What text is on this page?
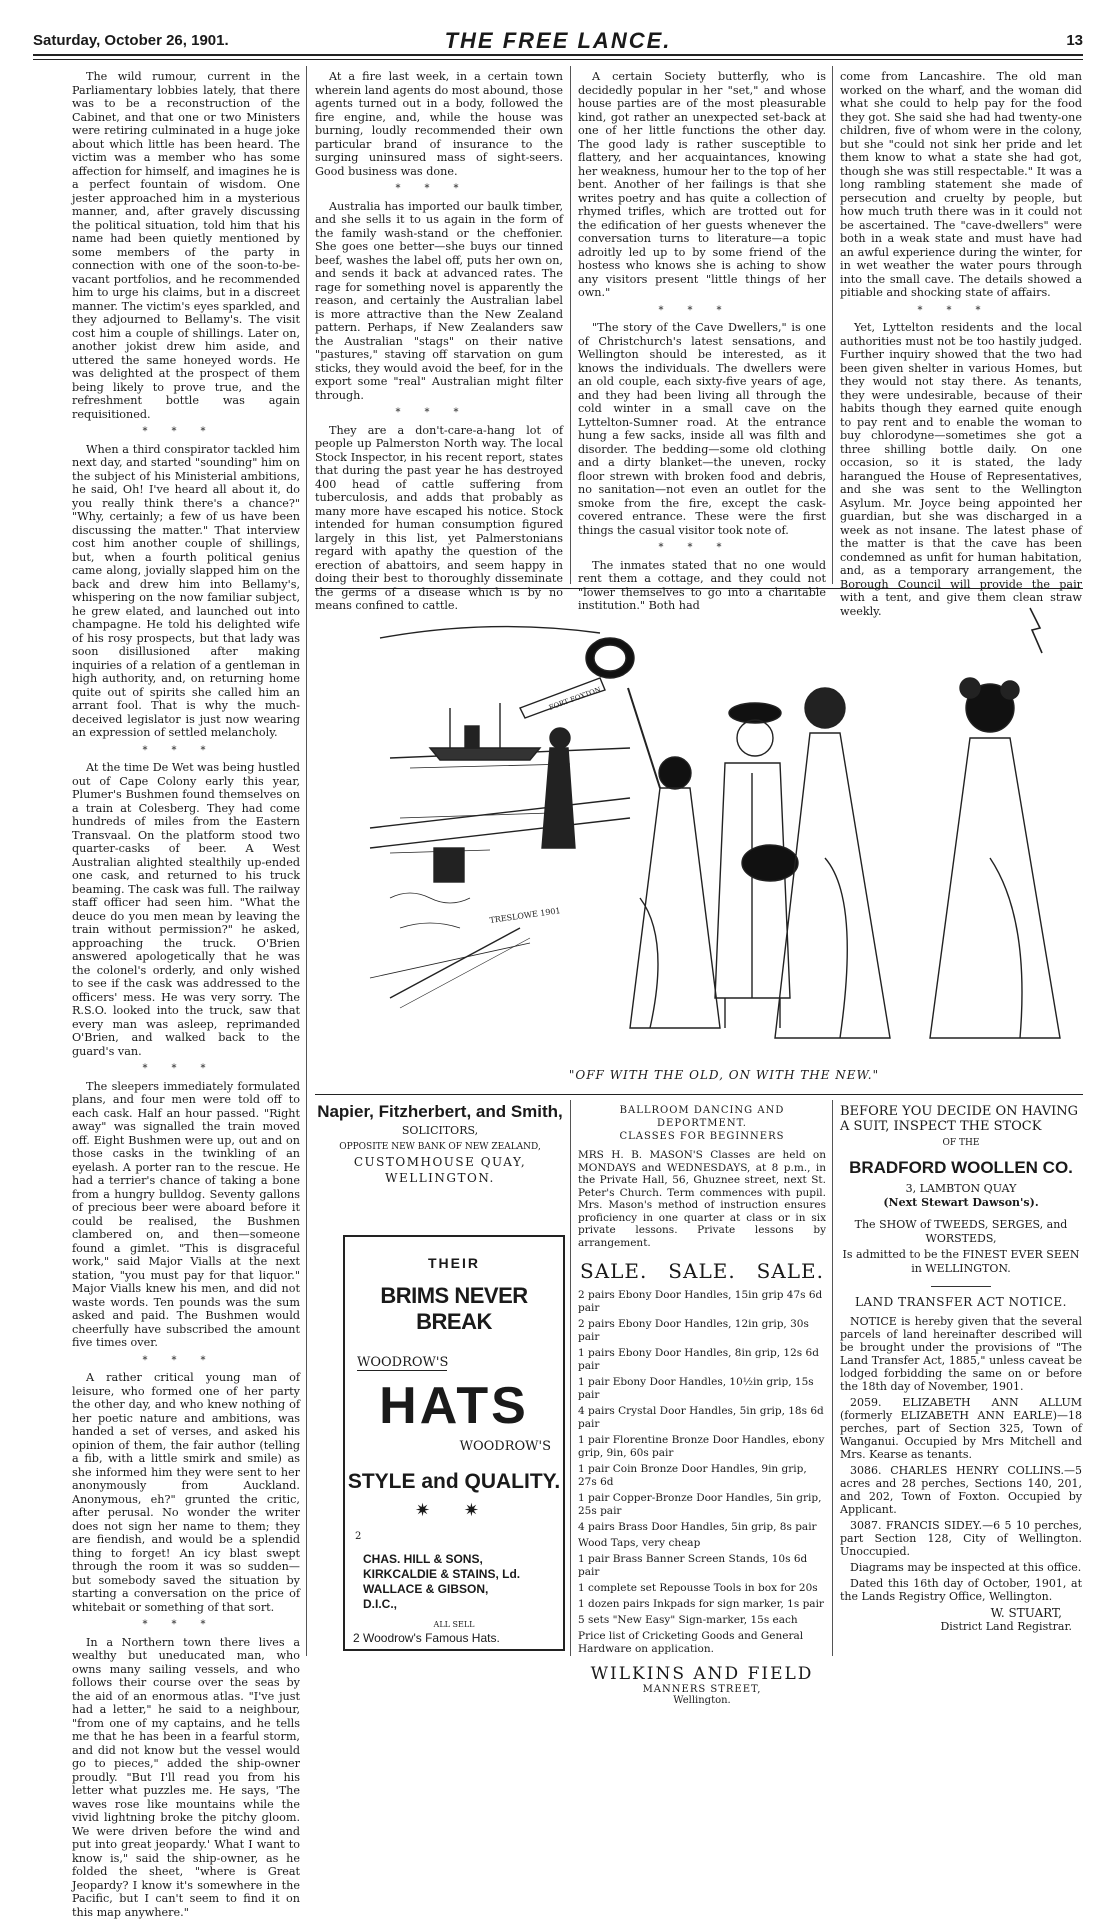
Saturday, October 26, 1901.	THE FREE LANCE.	13

The wild rumour, current in the Parliamentary lobbies lately, that there was to be a reconstruction of the Cabinet, and that one or two Ministers were retiring culminated in a huge joke about which little has been heard. The victim was a member who has some affection for himself, and imagines he is a perfect fountain of wisdom. One jester approached him in a mysterious manner, and, after gravely discussing the political situation, told him that his name had been quietly mentioned by some members of the party in connection with one of the soon-to-be-vacant portfolios, and he recommended him to urge his claims, but in a discreet manner. The victim's eyes sparkled, and they adjourned to Bellamy's. The visit cost him a couple of shillings. Later on, another jokist drew him aside, and uttered the same honeyed words. He was delighted at the prospect of them being likely to prove true, and the refreshment bottle was again requisitioned.

***

When a third conspirator tackled him next day, and started "sounding" him on the subject of his Ministerial ambitions, he said, Oh! I've heard all about it, do you really think there's a chance?" "Why, certainly; a few of us have been discussing the matter." That interview cost him another couple of shillings, but, when a fourth political genius came along, jovially slapped him on the back and drew him into Bellamy's, whispering on the now familiar subject, he grew elated, and launched out into champagne. He told his delighted wife of his rosy prospects, but that lady was soon disillusioned after making inquiries of a relation of a gentleman in high authority, and, on returning home quite out of spirits she called him an arrant fool. That is why the much-deceived legislator is just now wearing an expression of settled melancholy.

***

At the time De Wet was being hustled out of Cape Colony early this year, Plumer's Bushmen found themselves on a train at Colesberg. They had come hundreds of miles from the Eastern Transvaal. On the platform stood two quarter-casks of beer. A West Australian alighted stealthily up-ended one cask, and returned to his truck beaming. The cask was full. The railway staff officer had seen him. "What the deuce do you men mean by leaving the train without permission?" he asked, approaching the truck. O'Brien answered apologetically that he was the colonel's orderly, and only wished to see if the cask was addressed to the officers' mess. He was very sorry. The R.S.O. looked into the truck, saw that every man was asleep, reprimanded O'Brien, and walked back to the guard's van.

***

The sleepers immediately formulated plans, and four men were told off to each cask. Half an hour passed. "Right away" was signalled the train moved off. Eight Bushmen were up, out and on those casks in the twinkling of an eyelash. A porter ran to the rescue. He had a terrier's chance of taking a bone from a hungry bulldog. Seventy gallons of precious beer were aboard before it could be realised, the Bushmen clambered on, and then—someone found a gimlet. "This is disgraceful work," said Major Vialls at the next station, "you must pay for that liquor." Major Vialls knew his men, and did not waste words. Ten pounds was the sum asked and paid. The Bushmen would cheerfully have subscribed the amount five times over.

***

A rather critical young man of leisure, who formed one of her party the other day, and who knew nothing of her poetic nature and ambitions, was handed a set of verses, and asked his opinion of them, the fair author (telling a fib, with a little smirk and smile) as she informed him they were sent to her anonymously from Auckland. Anonymous, eh?" grunted the critic, after perusal. No wonder the writer does not sign her name to them; they are fiendish, and would be a splendid thing to forget! An icy blast swept through the room it was so sudden—but somebody saved the situation by starting a conversation on the price of whitebait or something of that sort.

***

In a Northern town there lives a wealthy but uneducated man, who owns many sailing vessels, and who follows their course over the seas by the aid of an enormous atlas. "I've just had a letter," he said to a neighbour, "from one of my captains, and he tells me that he has been in a fearful storm, and did not know but the vessel would go to pieces," added the ship-owner proudly. "But I'll read you from his letter what puzzles me. He says, 'The waves rose like mountains while the vivid lightning broke the pitchy gloom. We were driven before the wind and put into great jeopardy.' What I want to know is," said the ship-owner, as he folded the sheet, "where is Great Jeopardy? I know it's somewhere in the Pacific, but I can't seem to find it on this map anywhere."

At a fire last week, in a certain town wherein land agents do most abound, those agents turned out in a body, followed the fire engine, and, while the house was burning, loudly recommended their own particular brand of insurance to the surging uninsured mass of sight-seers. Good business was done.

***

Australia has imported our baulk timber, and she sells it to us again in the form of the family wash-stand or the cheffonier. She goes one better—she buys our tinned beef, washes the label off, puts her own on, and sends it back at advanced rates. The rage for something novel is apparently the reason, and certainly the Australian label is more attractive than the New Zealand pattern. Perhaps, if New Zealanders saw the Australian "stags" on their native "pastures," staving off starvation on gum sticks, they would avoid the beef, for in the export some "real" Australian might filter through.

***

They are a don't-care-a-hang lot of people up Palmerston North way. The local Stock Inspector, in his recent report, states that during the past year he has destroyed 400 head of cattle suffering from tuberculosis, and adds that probably as many more have escaped his notice. Stock intended for human consumption figured largely in this list, yet Palmerstonians regard with apathy the question of the erection of abattoirs, and seem happy in doing their best to thoroughly disseminate the germs of a disease which is by no means confined to cattle.

A certain Society butterfly, who is decidedly popular in her "set," and whose house parties are of the most pleasurable kind, got rather an unexpected set-back at one of her little functions the other day. The good lady is rather susceptible to flattery, and her acquaintances, knowing her weakness, humour her to the top of her bent. Another of her failings is that she writes poetry and has quite a collection of rhymed trifles, which are trotted out for the edification of her guests whenever the conversation turns to literature—a topic adroitly led up to by some friend of the hostess who knows she is aching to show any visitors present "little things of her own."

***

"The story of the Cave Dwellers," is one of Christchurch's latest sensations, and Wellington should be interested, as it knows the individuals. The dwellers were an old couple, each sixty-five years of age, and they had been living all through the cold winter in a small cave on the Lyttelton-Sumner road. At the entrance hung a few sacks, inside all was filth and disorder. The bedding—some old clothing and a dirty blanket—the uneven, rocky floor strewn with broken food and debris, no sanitation—not even an outlet for the smoke from the fire, except the cask-covered entrance. These were the first things the casual visitor took note of.

***

The inmates stated that no one would rent them a cottage, and they could not "lower themselves to go into a charitable institution." Both had

come from Lancashire. The old man worked on the wharf, and the woman did what she could to help pay for the food they got. She said she had had twenty-one children, five of whom were in the colony, but she "could not sink her pride and let them know to what a state she had got, though she was still respectable." It was a long rambling statement she made of persecution and cruelty by people, but how much truth there was in it could not be ascertained. The "cave-dwellers" were both in a weak state and must have had an awful experience during the winter, for in wet weather the water pours through into the small cave. The details showed a pitiable and shocking state of affairs.

***

Yet, Lyttelton residents and the local authorities must not be too hastily judged. Further inquiry showed that the two had been given shelter in various Homes, but they would not stay there. As tenants, they were undesirable, because of their habits though they earned quite enough to pay rent and to enable the woman to buy chlorodyne—sometimes she got a three shilling bottle daily. On one occasion, so it is stated, the lady harangued the House of Representatives, and she was sent to the Wellington Asylum. Mr. Joyce being appointed her guardian, but she was discharged in a week as not insane. The latest phase of the matter is that the cave has been condemned as unfit for human habitation, and, as a temporary arrangement, the Borough Council will provide the pair with a tent, and give them clean straw weekly.

FORT FOXTON
TRESLOWE 1901
"OFF WITH THE OLD, ON WITH THE NEW."
Napier, Fitzherbert, and Smith,
SOLICITORS,
OPPOSITE NEW BANK OF NEW ZEALAND,
CUSTOMHOUSE QUAY,
WELLINGTON.
THEIR
BRIMS NEVER BREAK
WOODROW'S
HATS
WOODROW'S
STYLE and QUALITY.
✷ ✷
2
CHAS. HILL & SONS,
KIRKCALDIE & STAINS, Ld.
WALLACE & GIBSON,
D.I.C.,
ALL SELL
2 Woodrow's Famous Hats.
BALLROOM DANCING AND DEPORTMENT.
CLASSES FOR BEGINNERS
MRS H. B. MASON'S Classes are held on MONDAYS and WEDNESDAYS, at 8 p.m., in the Private Hall, 56, Ghuznee street, next St. Peter's Church. Term commences with pupil. Mrs. Mason's method of instruction ensures proficiency in one quarter at class or in six private lessons. Private lessons by arrangement.
SALE. SALE. SALE.
2 pairs Ebony Door Handles, 15in grip 47s 6d pair
2 pairs Ebony Door Handles, 12in grip, 30s pair
1 pairs Ebony Door Handles, 8in grip, 12s 6d pair
1 pair Ebony Door Handles, 10½in grip, 15s pair
4 pairs Crystal Door Handles, 5in grip, 18s 6d pair
1 pair Florentine Bronze Door Handles, ebony grip, 9in, 60s pair
1 pair Coin Bronze Door Handles, 9in grip, 27s 6d
1 pair Copper-Bronze Door Handles, 5in grip, 25s pair
4 pairs Brass Door Handles, 5in grip, 8s pair
Wood Taps, very cheap
1 pair Brass Banner Screen Stands, 10s 6d pair
1 complete set Repousse Tools in box for 20s
1 dozen pairs Inkpads for sign marker, 1s pair
5 sets "New Easy" Sign-marker, 15s each
Price list of Cricketing Goods and General Hardware on application.
WILKINS AND FIELD
MANNERS STREET,
Wellington.
BEFORE YOU DECIDE ON HAVING A SUIT, INSPECT THE STOCK
OF THE
BRADFORD WOOLLEN CO.
3, LAMBTON QUAY
(Next Stewart Dawson's).
The SHOW of TWEEDS, SERGES, and WORSTEDS,
Is admitted to be the FINEST EVER SEEN in WELLINGTON.
LAND TRANSFER ACT NOTICE.

NOTICE is hereby given that the several parcels of land hereinafter described will be brought under the provisions of "The Land Transfer Act, 1885," unless caveat be lodged forbidding the same on or before the 18th day of November, 1901.

2059. ELIZABETH ANN ALLUM (formerly ELIZABETH ANN EARLE)—18 perches, part of Section 325, Town of Wanganui. Occupied by Mrs Mitchell and Mrs. Kearse as tenants.

3086. CHARLES HENRY COLLINS.—5 acres and 28 perches, Sections 140, 201, and 202, Town of Foxton. Occupied by Applicant.

3087. FRANCIS SIDEY.—6 5 10 perches, part Section 128, City of Wellington. Unoccupied.

Diagrams may be inspected at this office.

Dated this 16th day of October, 1901, at the Lands Registry Office, Wellington.

W. STUART,
District Land Registrar.
